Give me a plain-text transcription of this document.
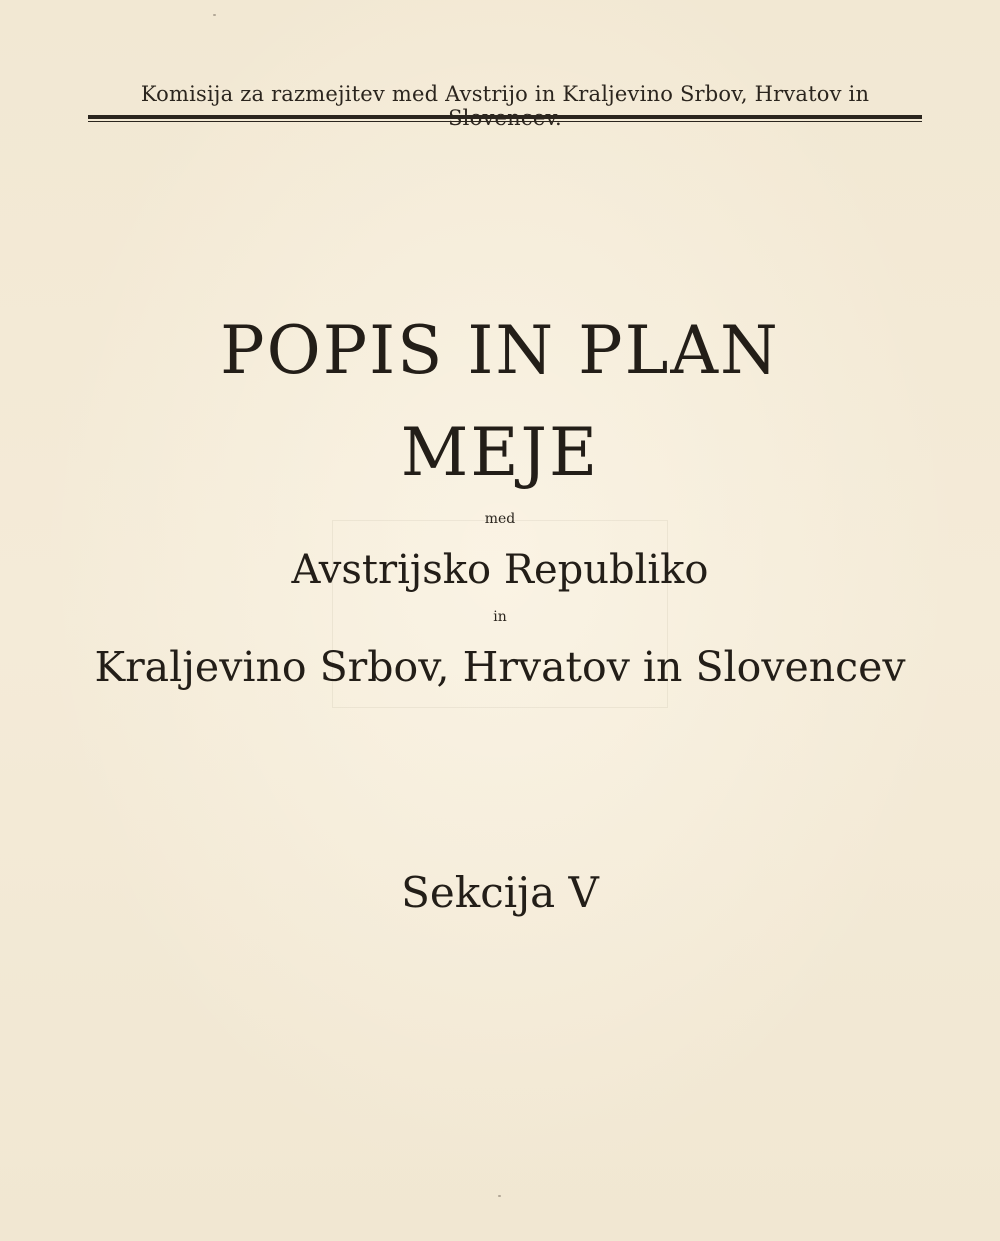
Komisija za razmejitev med Avstrijo in Kraljevino Srbov, Hrvatov in
POPIS IN PLAN
MEJE
med
Avstrijsko Republiko
in
Kraljevino Srbov, Hrvatov in Slovencev
Sekcija V
